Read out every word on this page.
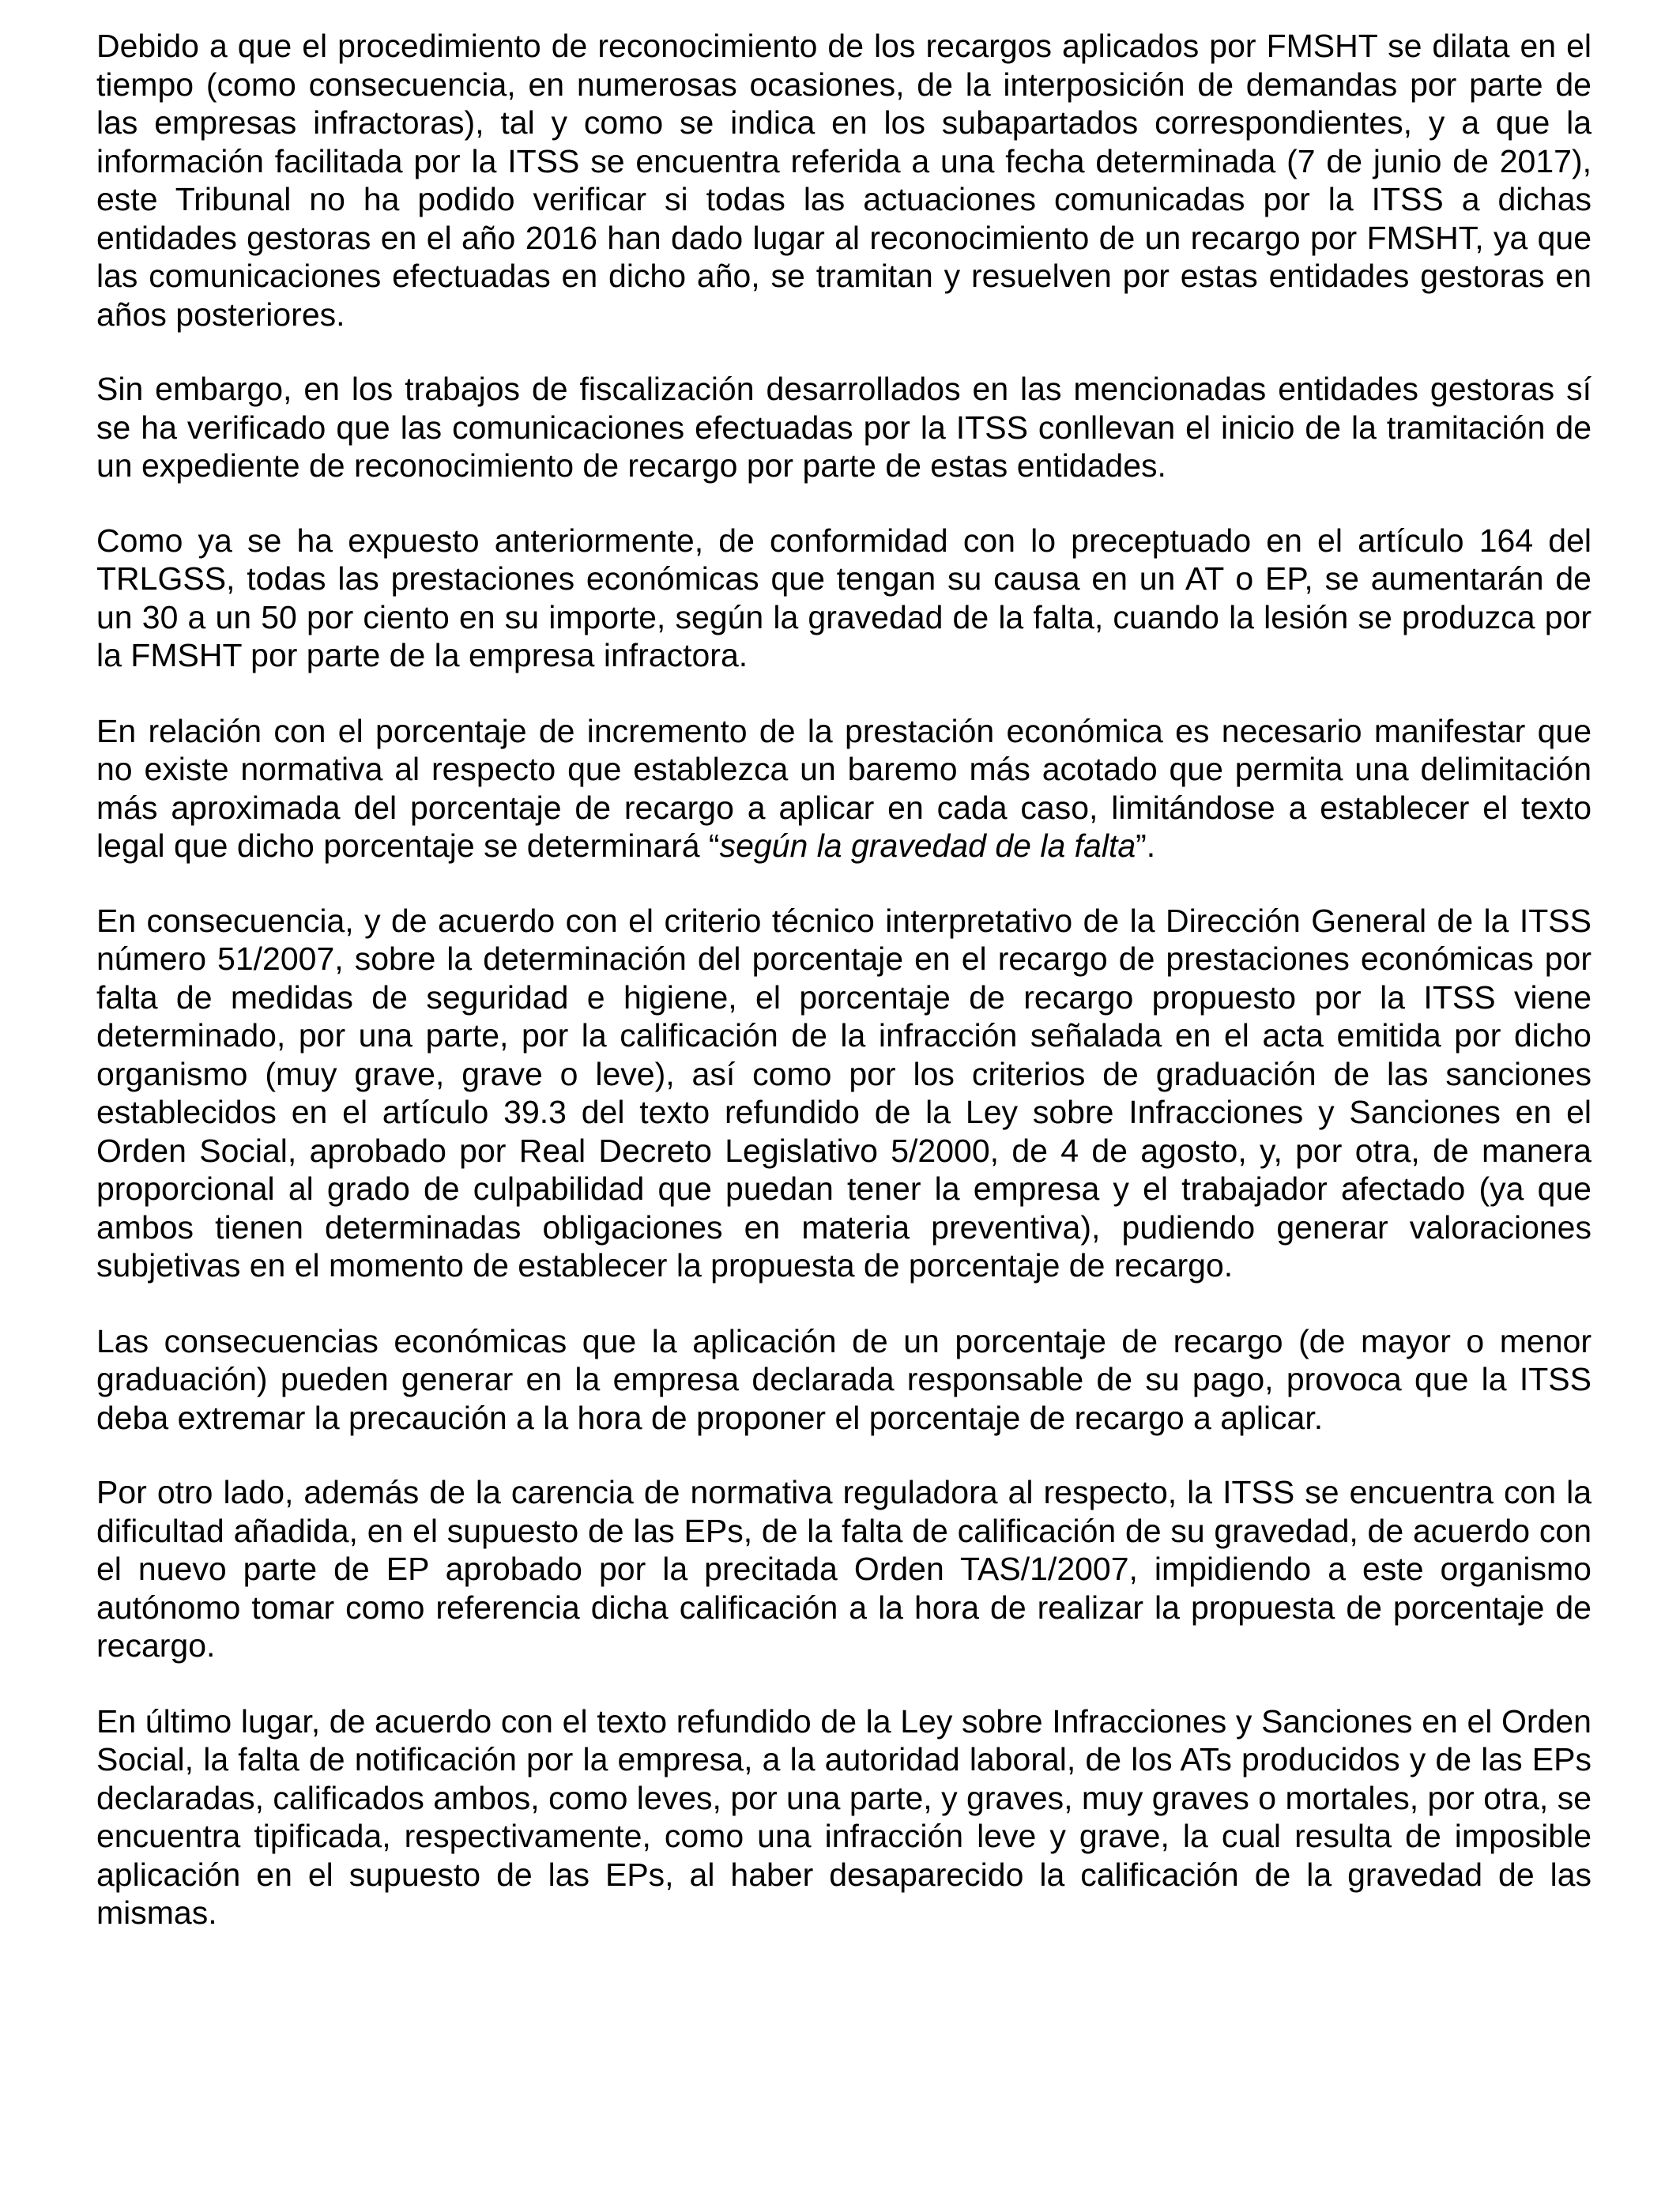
Debido a que el procedimiento de reconocimiento de los recargos aplicados por FMSHT se dilata en el tiempo (como consecuencia, en numerosas ocasiones, de la interposición de demandas por parte de las empresas infractoras), tal y como se indica en los subapartados correspondientes, y a que la información facilitada por la ITSS se encuentra referida a una fecha determinada (7 de junio de 2017), este Tribunal no ha podido verificar si todas las actuaciones comunicadas por la ITSS a dichas entidades gestoras en el año 2016 han dado lugar al reconocimiento de un recargo por FMSHT, ya que las comunicaciones efectuadas en dicho año, se tramitan y resuelven por estas entidades gestoras en años posteriores.

Sin embargo, en los trabajos de fiscalización desarrollados en las mencionadas entidades gestoras sí se ha verificado que las comunicaciones efectuadas por la ITSS conllevan el inicio de la tramitación de un expediente de reconocimiento de recargo por parte de estas entidades.

Como ya se ha expuesto anteriormente, de conformidad con lo preceptuado en el artículo 164 del TRLGSS, todas las prestaciones económicas que tengan su causa en un AT o EP, se aumentarán de un 30 a un 50 por ciento en su importe, según la gravedad de la falta, cuando la lesión se produzca por la FMSHT por parte de la empresa infractora.

En relación con el porcentaje de incremento de la prestación económica es necesario manifestar que no existe normativa al respecto que establezca un baremo más acotado que permita una delimitación más aproximada del porcentaje de recargo a aplicar en cada caso, limitándose a establecer el texto legal que dicho porcentaje se determinará “según la gravedad de la falta”.

En consecuencia, y de acuerdo con el criterio técnico interpretativo de la Dirección General de la ITSS número 51/2007, sobre la determinación del porcentaje en el recargo de prestaciones económicas por falta de medidas de seguridad e higiene, el porcentaje de recargo propuesto por la ITSS viene determinado, por una parte, por la calificación de la infracción señalada en el acta emitida por dicho organismo (muy grave, grave o leve), así como por los criterios de graduación de las sanciones establecidos en el artículo 39.3 del texto refundido de la Ley sobre Infracciones y Sanciones en el Orden Social, aprobado por Real Decreto Legislativo 5/2000, de 4 de agosto, y, por otra, de manera proporcional al grado de culpabilidad que puedan tener la empresa y el trabajador afectado (ya que ambos tienen determinadas obligaciones en materia preventiva), pudiendo generar valoraciones subjetivas en el momento de establecer la propuesta de porcentaje de recargo.

Las consecuencias económicas que la aplicación de un porcentaje de recargo (de mayor o menor graduación) pueden generar en la empresa declarada responsable de su pago, provoca que la ITSS deba extremar la precaución a la hora de proponer el porcentaje de recargo a aplicar.

Por otro lado, además de la carencia de normativa reguladora al respecto, la ITSS se encuentra con la dificultad añadida, en el supuesto de las EPs, de la falta de calificación de su gravedad, de acuerdo con el nuevo parte de EP aprobado por la precitada Orden TAS/1/2007, impidiendo a este organismo autónomo tomar como referencia dicha calificación a la hora de realizar la propuesta de porcentaje de recargo.

En último lugar, de acuerdo con el texto refundido de la Ley sobre Infracciones y Sanciones en el Orden Social, la falta de notificación por la empresa, a la autoridad laboral, de los ATs producidos y de las EPs declaradas, calificados ambos, como leves, por una parte, y graves, muy graves o mortales, por otra, se encuentra tipificada, respectivamente, como una infracción leve y grave, la cual resulta de imposible aplicación en el supuesto de las EPs, al haber desaparecido la calificación de la gravedad de las mismas.
